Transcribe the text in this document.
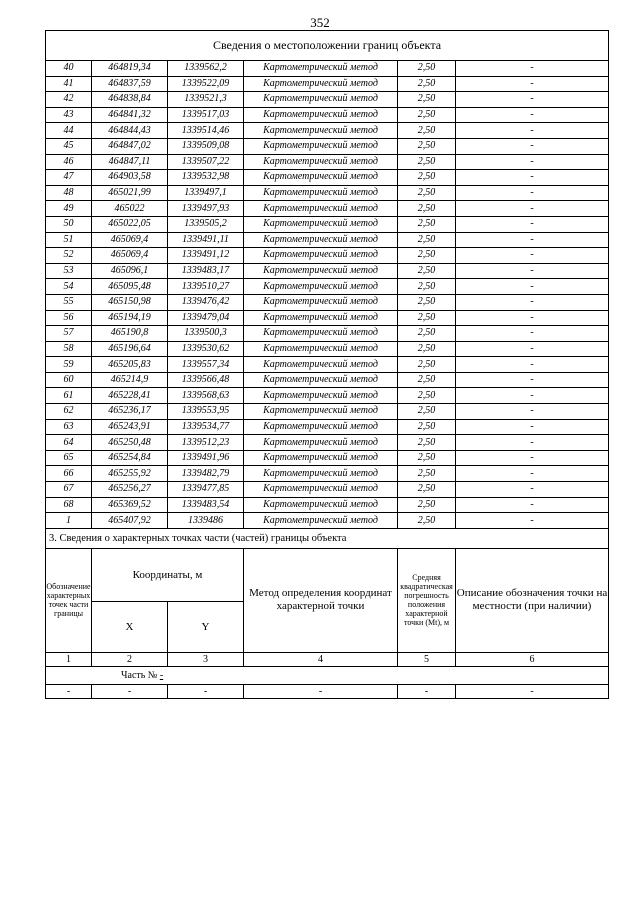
352
Сведения о местоположении границ объекта					
40	464819,34	1339562,2	Картометрический метод	2,50	-
41	464837,59	1339522,09	Картометрический метод	2,50	-
42	464838,84	1339521,3	Картометрический метод	2,50	-
43	464841,32	1339517,03	Картометрический метод	2,50	-
44	464844,43	1339514,46	Картометрический метод	2,50	-
45	464847,02	1339509,08	Картометрический метод	2,50	-
46	464847,11	1339507,22	Картометрический метод	2,50	-
47	464903,58	1339532,98	Картометрический метод	2,50	-
48	465021,99	1339497,1	Картометрический метод	2,50	-
49	465022	1339497,93	Картометрический метод	2,50	-
50	465022,05	1339505,2	Картометрический метод	2,50	-
51	465069,4	1339491,11	Картометрический метод	2,50	-
52	465069,4	1339491,12	Картометрический метод	2,50	-
53	465096,1	1339483,17	Картометрический метод	2,50	-
54	465095,48	1339510,27	Картометрический метод	2,50	-
55	465150,98	1339476,42	Картометрический метод	2,50	-
56	465194,19	1339479,04	Картометрический метод	2,50	-
57	465190,8	1339500,3	Картометрический метод	2,50	-
58	465196,64	1339530,62	Картометрический метод	2,50	-
59	465205,83	1339557,34	Картометрический метод	2,50	-
60	465214,9	1339566,48	Картометрический метод	2,50	-
61	465228,41	1339568,63	Картометрический метод	2,50	-
62	465236,17	1339553,95	Картометрический метод	2,50	-
63	465243,91	1339534,77	Картометрический метод	2,50	-
64	465250,48	1339512,23	Картометрический метод	2,50	-
65	465254,84	1339491,96	Картометрический метод	2,50	-
66	465255,92	1339482,79	Картометрический метод	2,50	-
67	465256,27	1339477,85	Картометрический метод	2,50	-
68	465369,52	1339483,54	Картометрический метод	2,50	-
1	465407,92	1339486	Картометрический метод	2,50	-
3. Сведения о характерных точках части (частей) границы объекта					
Обозначение характерных точек части границы	Координаты, м		Метод определения координат характерной точки	Средняя квадратическая погрешность положения характерной точки (Mt), м	Описание обозначения точки на местности (при наличии)
	X	Y			
1	2	3	4	5	6
Часть № -					
-	-	-	-	-	-
